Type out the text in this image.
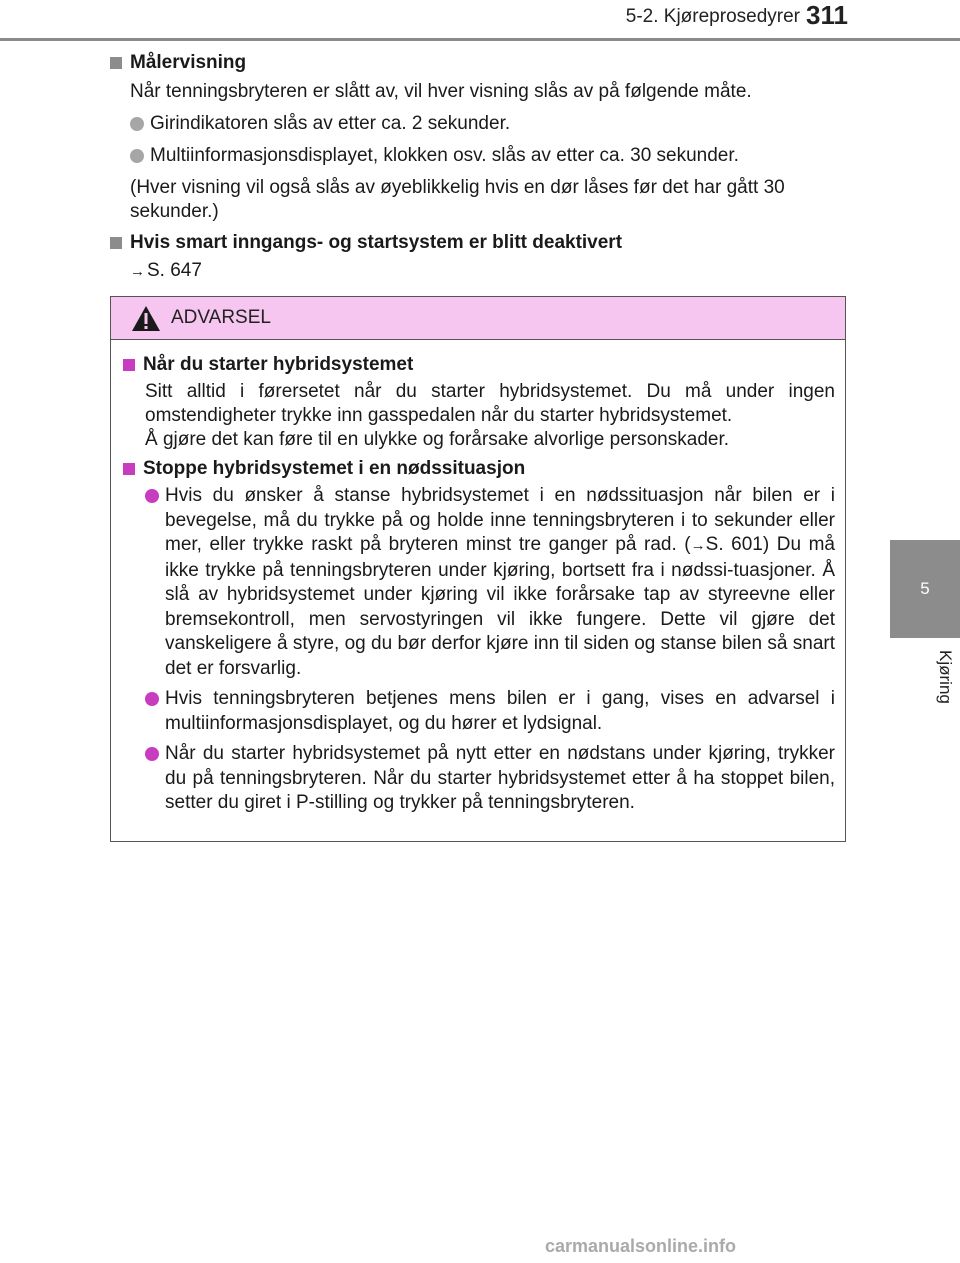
5-2. Kjøreprosedyrer 311
5
Kjøring
Målervisning

Når tenningsbryteren er slått av, vil hver visning slås av på følgende måte.

Girindikatoren slås av etter ca. 2 sekunder.
Multiinformasjonsdisplayet, klokken osv. slås av etter ca. 30 sekunder.

(Hver visning vil også slås av øyeblikkelig hvis en dør låses før det har gått 30 sekunder.)

Hvis smart inngangs- og startsystem er blitt deaktivert
→ S. 647
ADVARSEL
Når du starter hybridsystemet

Sitt alltid i førersetet når du starter hybridsystemet. Du må under ingen omstendigheter trykke inn gasspedalen når du starter hybridsystemet.

Å gjøre det kan føre til en ulykke og forårsake alvorlige personskader.

Stoppe hybridsystemet i en nødssituasjon
Hvis du ønsker å stanse hybridsystemet i en nødssituasjon når bilen er i bevegelse, må du trykke på og holde inne tenningsbryteren i to sekunder eller mer, eller trykke raskt på bryteren minst tre ganger på rad. (→S. 601) Du må ikke trykke på tenningsbryteren under kjøring, bortsett fra i nødssi-tuasjoner. Å slå av hybridsystemet under kjøring vil ikke forårsake tap av styreevne eller bremsekontroll, men servostyringen vil ikke fungere. Dette vil gjøre det vanskeligere å styre, og du bør derfor kjøre inn til siden og stanse bilen så snart det er forsvarlig.
Hvis tenningsbryteren betjenes mens bilen er i gang, vises en advarsel i multiinformasjonsdisplayet, og du hører et lydsignal.
Når du starter hybridsystemet på nytt etter en nødstans under kjøring, trykker du på tenningsbryteren. Når du starter hybridsystemet etter å ha stoppet bilen, setter du giret i P-stilling og trykker på tenningsbryteren.
carmanualsonline.info
